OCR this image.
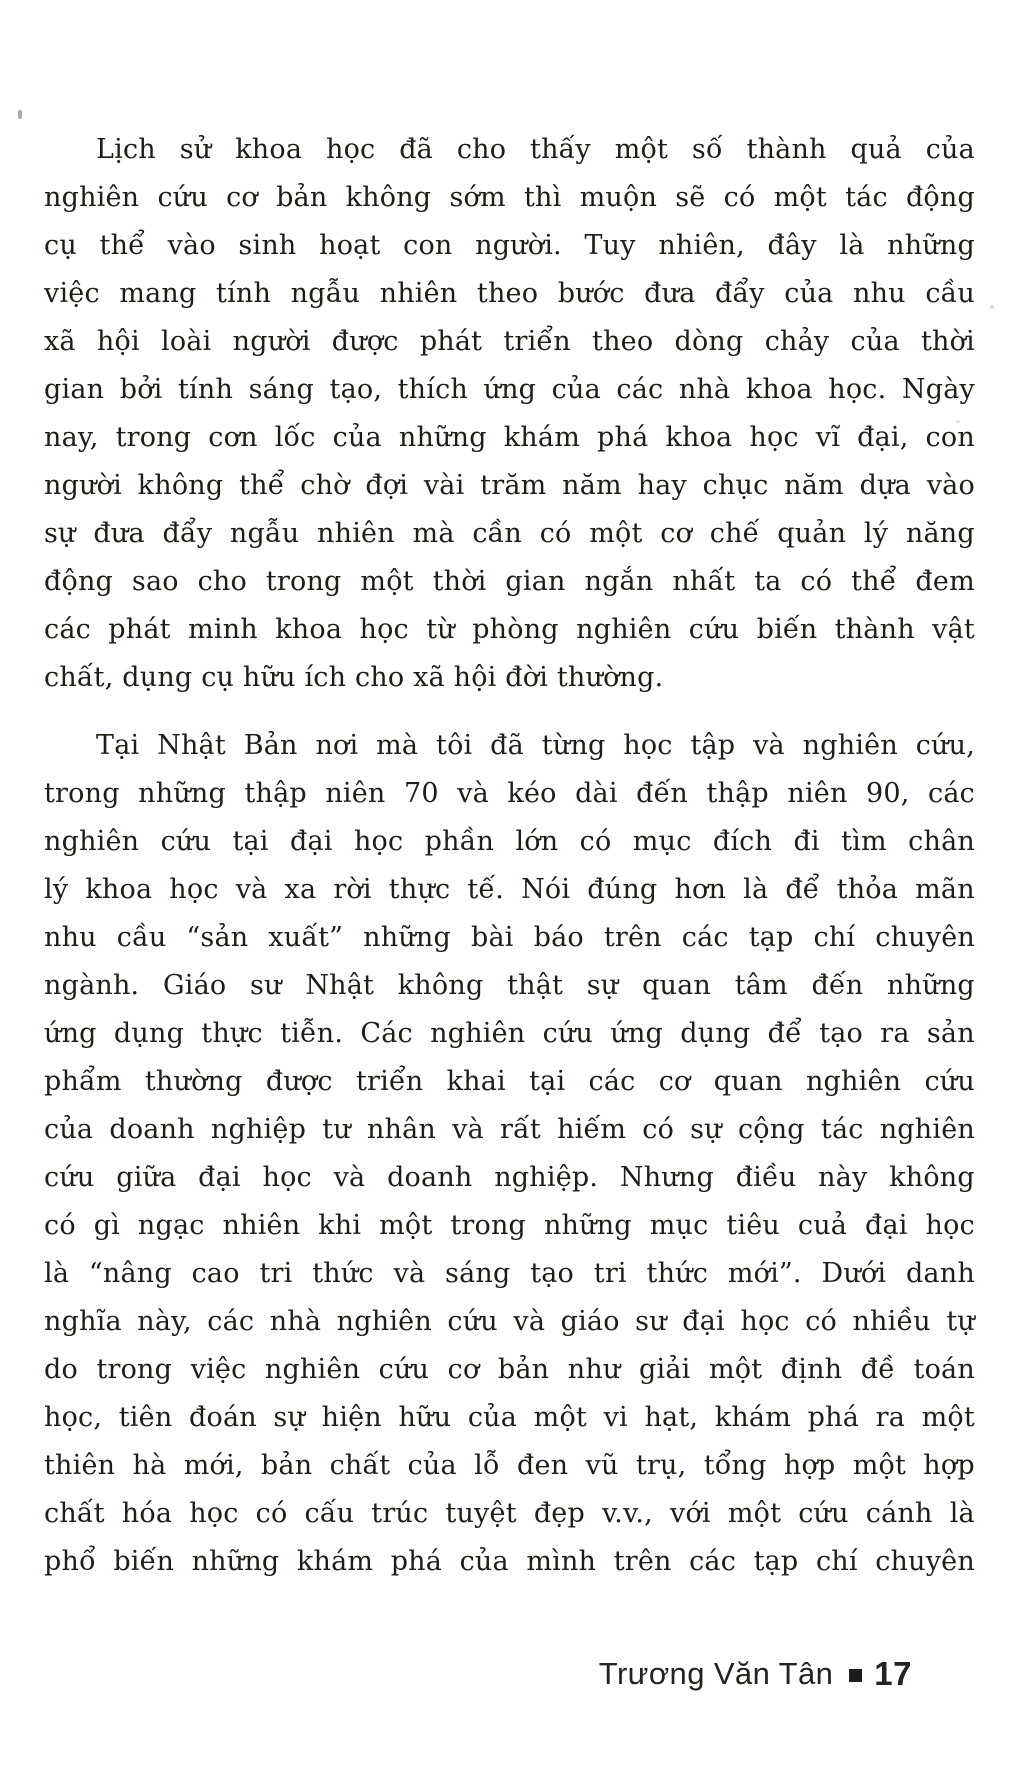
Lịch sử khoa học đã cho thấy một số thành quả của
nghiên cứu cơ bản không sớm thì muộn sẽ có một tác động
cụ thể vào sinh hoạt con người. Tuy nhiên, đây là những
việc mang tính ngẫu nhiên theo bước đưa đẩy của nhu cầu
xã hội loài người được phát triển theo dòng chảy của thời
gian bởi tính sáng tạo, thích ứng của các nhà khoa học. Ngày
nay, trong cơn lốc của những khám phá khoa học vĩ đại, con
người không thể chờ đợi vài trăm năm hay chục năm dựa vào
sự đưa đẩy ngẫu nhiên mà cần có một cơ chế quản lý năng
động sao cho trong một thời gian ngắn nhất ta có thể đem
các phát minh khoa học từ phòng nghiên cứu biến thành vật
chất, dụng cụ hữu ích cho xã hội đời thường.
Tại Nhật Bản nơi mà tôi đã từng học tập và nghiên cứu,
trong những thập niên 70 và kéo dài đến thập niên 90, các
nghiên cứu tại đại học phần lớn có mục đích đi tìm chân
lý khoa học và xa rời thực tế. Nói đúng hơn là để thỏa mãn
nhu cầu “sản xuất” những bài báo trên các tạp chí chuyên
ngành. Giáo sư Nhật không thật sự quan tâm đến những
ứng dụng thực tiễn. Các nghiên cứu ứng dụng để tạo ra sản
phẩm thường được triển khai tại các cơ quan nghiên cứu
của doanh nghiệp tư nhân và rất hiếm có sự cộng tác nghiên
cứu giữa đại học và doanh nghiệp. Nhưng điều này không
có gì ngạc nhiên khi một trong những mục tiêu cuả đại học
là “nâng cao tri thức và sáng tạo tri thức mới”. Dưới danh
nghĩa này, các nhà nghiên cứu và giáo sư đại học có nhiều tự
do trong việc nghiên cứu cơ bản như giải một định đề toán
học, tiên đoán sự hiện hữu của một vi hạt, khám phá ra một
thiên hà mới, bản chất của lỗ đen vũ trụ, tổng hợp một hợp
chất hóa học có cấu trúc tuyệt đẹp v.v., với một cứu cánh là
phổ biến những khám phá của mình trên các tạp chí chuyên
Trương Văn Tân 17
